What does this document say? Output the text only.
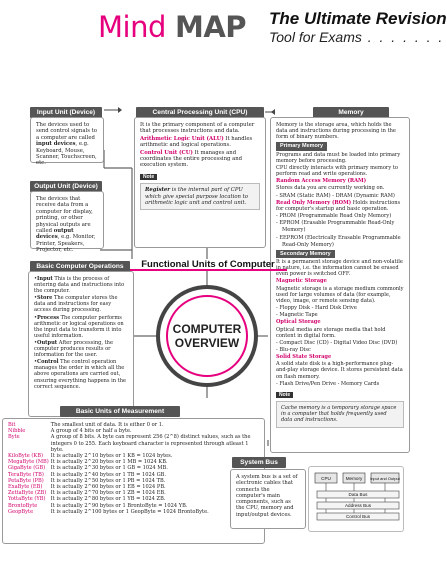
Mind MAP The Ultimate Revision
Tool for Exams . . . . . . .
Input Unit (Device)
The devices used to send control signals to a computer are called input devices, e.g. Keyboard, Mouse, Scanner, Touchscreen, etc.
Output Unit (Device)
The devices that receive data from a computer for display, printing, or other physical outputs are called output devices, e.g. Monitor, Printer, Speakers, Projector, etc.
Central Processing Unit (CPU)

It is the primary component of a computer that processes instructions and data.

Arithmetic Logic Unit (ALU) It handles arithmetic and logical operations.

Control Unit (CU) It manages and coordinates the entire processing and execution system.

Note
Register is the internal part of CPU which give special purpose location to arithmetic logic unit and control unit.
Memory

Memory is the storage area, which holds the data and instructions during processing in the form of binary numbers.

Primary Memory

Programs and data must be loaded into primary memory before processing.

CPU directly interacts with primary memory to perform read and write operations.

Random Access Memory (RAM)

Stores data you are currently working on.

- SRAM (Static RAM) - DRAM (Dynamic RAM)

Read Only Memory (ROM) Holds instructions for computer's startup and basic operation.

- PROM (Programmable Read Only Memory)

- EPROM (Erasable Programmable Read-Only

Memory)

- EEPROM (Electrically Erasable Programmable

Read-Only Memory)

Secondary Memory

It is a permanent storage device and non-volatile in nature, i.e. the information cannot be erased even power is switched OFF.

Magnetic Storage

Magnetic storage is a storage medium commonly used for large volumes of data (for example, video, image, or remote sensing data).

- Floppy Disk - Hard Disk Drive

- Magnetic Tape

Optical Storage

Optical media are storage media that hold content in digital form.

- Compact Disc (CD) - Digital Video Disc (DVD)

- Blu-ray Disc

Solid State Storage

A solid state disk is a high-performance plug-and-play storage device. It stores persistent data on flash memory.

- Flash Drive/Pen Drive - Memory Cards

Note
Cache memory is a temporary storage space in a computer that holds frequently used data and instructions.
Functional Units of Computer
Basic Computer Operations

• Input This is the process of entering data and instructions into the computer.

• Store The computer stores the data and instructions for easy access during processing.

• Process The computer performs arithmetic or logical operations on the input data to transform it into useful information.

• Output After processing, the computer produces results or information for the user.

• Control The control operation manages the order in which all the above operations are carried out, ensuring everything happens in the correct sequence.

COMPUTER
OVERVIEW
Basic Units of Measurement
Bit	The smallest unit of data. It is either 0 or 1.
Nibble	A group of 4 bits or half a byte.
Byte	A group of 8 bits. A byte can represent 256 (2^8) distinct values, such as the integers 0 to 255. Each keyboard character is represented through atleast 1 byte.
KiloByte (KB)	It is actually 2^10 bytes or 1 KB = 1024 bytes.
MegaByte (MB)	It is actually 2^20 bytes or 1 MB = 1024 KB.
GigaByte (GB)	It is actually 2^30 bytes or 1 GB = 1024 MB.
TeraByte (TB)	It is actually 2^40 bytes or 1 TB = 1024 GB.
PetaByte (PB)	It is actually 2^50 bytes or 1 PB = 1024 TB.
ExaByte (EB)	It is actually 2^60 bytes or 1 EB = 1024 PB.
ZettaByte (ZB)	It is actually 2^70 bytes or 1 ZB = 1024 EB.
YottaByte (YB)	It is actually 2^80 bytes or 1 YB = 1024 ZB.
BrontoByte	It is actually 2^90 bytes or 1 BrontoByte = 1024 YB.
GeopByte	It is actually 2^100 bytes or 1 GeopByte = 1024 BrontoByte.
System Bus

A system bus is a set of electronic cables that connects the computer's main components, such as the CPU, memory and input/output devices.

CPU	Memory Input and Output
Data Bus
Address Bus
Control Bus
